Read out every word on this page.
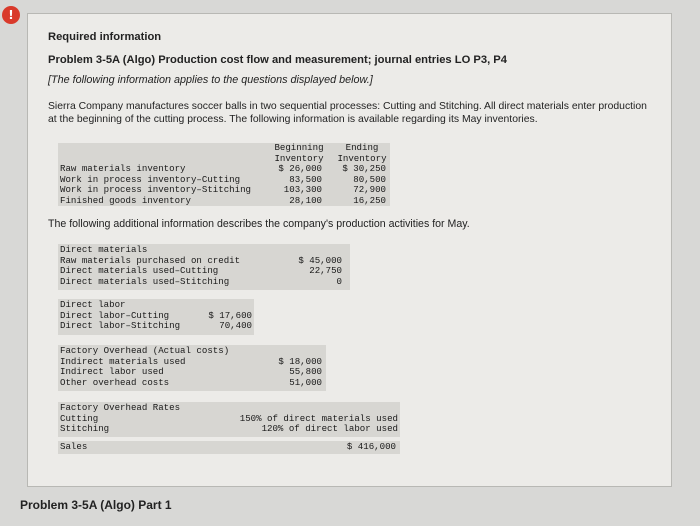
!
Required information
Problem 3-5A (Algo) Production cost flow and measurement; journal entries LO P3, P4
[The following information applies to the questions displayed below.]
Sierra Company manufactures soccer balls in two sequential processes: Cutting and Stitching. All direct materials enter production at the beginning of the cutting process. The following information is available regarding its May inventories.
Beginning
Inventory
Ending
Inventory
Raw materials inventory
Work in process inventory–Cutting
Work in process inventory–Stitching
Finished goods inventory
$ 26,000
83,500
103,300
28,100
$ 30,250
80,500
72,900
16,250
The following additional information describes the company's production activities for May.
Direct materials
Raw materials purchased on credit
Direct materials used–Cutting
Direct materials used–Stitching
$ 45,000
22,750
0
Direct labor
Direct labor–Cutting
Direct labor–Stitching
$ 17,600
70,400
Factory Overhead (Actual costs)
Indirect materials used
Indirect labor used
Other overhead costs
$ 18,000
55,800
51,000
Factory Overhead Rates
Cutting
Stitching
150% of direct materials used
120% of direct labor used
Sales	$ 416,000
Problem 3-5A (Algo) Part 1
